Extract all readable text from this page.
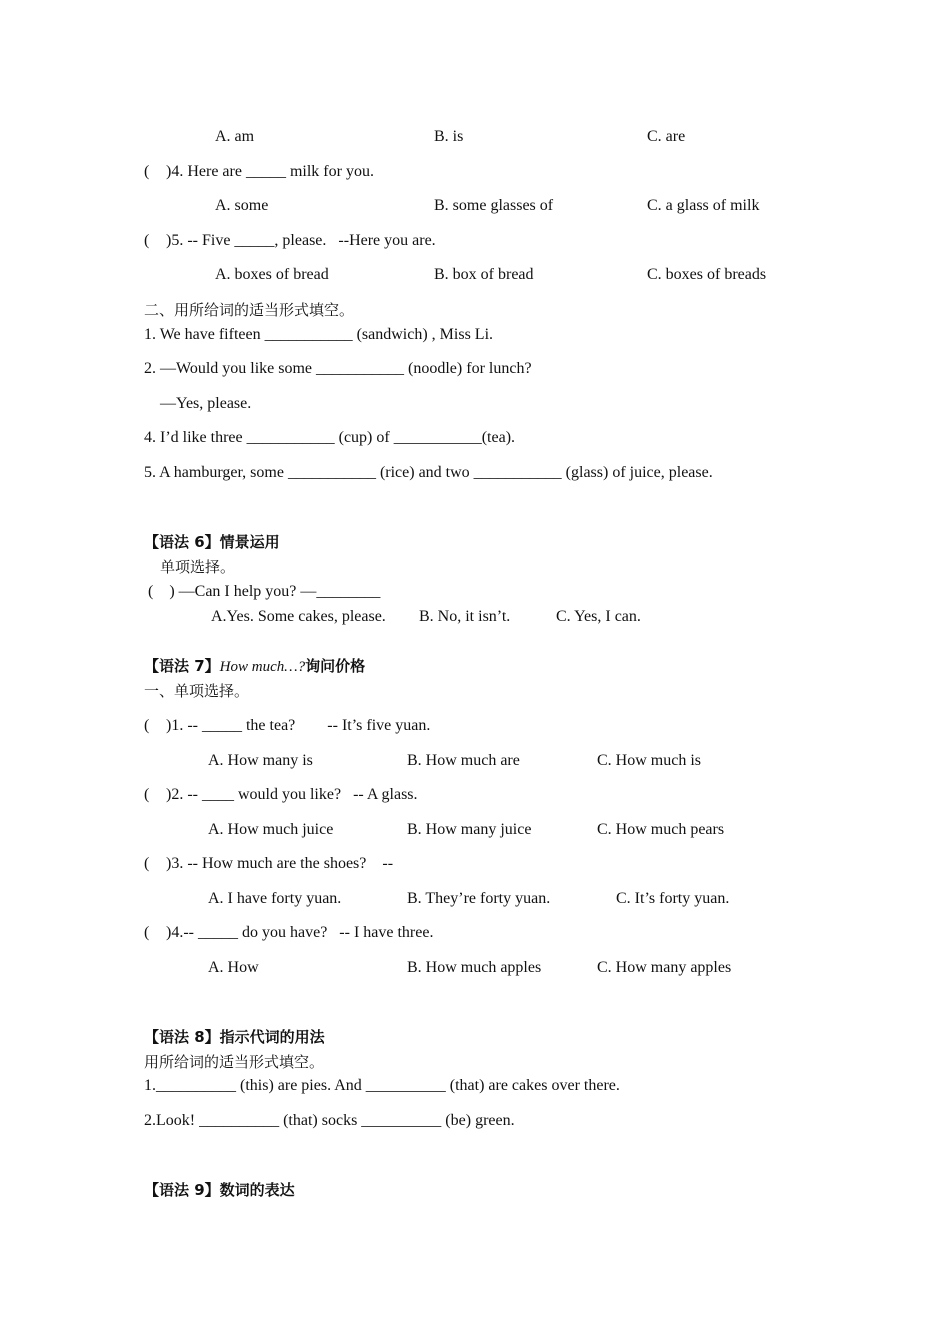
A. am	B. is	C. are
( )4. Here are _____ milk for you.
A. some	B. some glasses of	C. a glass of milk
( )5. -- Five _____, please.   --Here you are.
A. boxes of bread	B. box of bread	C. boxes of breads
二、用所给词的适当形式填空。
1. We have fifteen ___________ (sandwich) , Miss Li.
2. —Would you like some ___________ (noodle) for lunch?
—Yes, please.
4. I’d like three ___________ (cup) of ___________(tea).
5. A hamburger, some ___________ (rice) and two ___________ (glass) of juice, please.
【语法 6】情景运用
单项选择。
(    ) —Can I help you? —________
A.Yes. Some cakes, please. B. No, it isn’t.	C. Yes, I can.
【语法 7】How much…?询问价格
一、单项选择。
( )1. -- _____ the tea?        -- It’s five yuan.
A. How many is	B. How much are	C. How much is
( )2. -- ____ would you like?   -- A glass.
A. How much juice	B. How many juice	C. How much pears
( )3. -- How much are the shoes?    --
A. I have forty yuan.	B. They’re forty yuan.	C. It’s forty yuan.
( )4.-- _____ do you have?   -- I have three.
A. How	B. How much apples	C. How many apples
【语法 8】指示代词的用法
用所给词的适当形式填空。
1.__________ (this) are pies. And __________ (that) are cakes over there.
2.Look! __________ (that) socks __________ (be) green.
【语法 9】数词的表达
